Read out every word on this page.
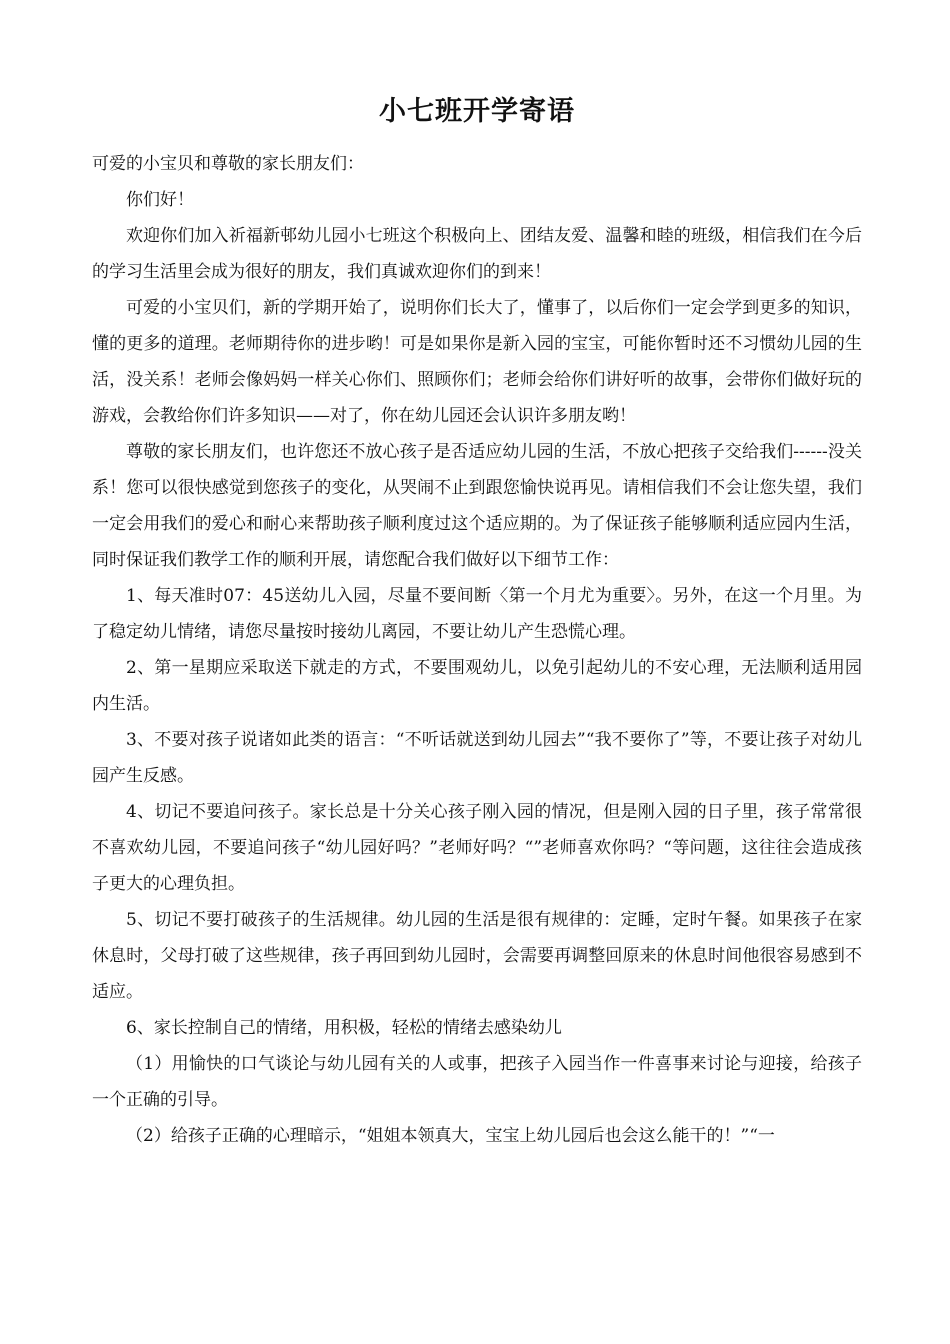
小七班开学寄语

可爱的小宝贝和尊敬的家长朋友们：

你们好！

欢迎你们加入祈福新邨幼儿园小七班这个积极向上、团结友爱、温馨和睦的班级，相信我们在今后的学习生活里会成为很好的朋友，我们真诚欢迎你们的到来！

可爱的小宝贝们，新的学期开始了，说明你们长大了，懂事了，以后你们一定会学到更多的知识，懂的更多的道理。老师期待你的进步哟！可是如果你是新入园的宝宝，可能你暂时还不习惯幼儿园的生活，没关系！老师会像妈妈一样关心你们、照顾你们；老师会给你们讲好听的故事，会带你们做好玩的游戏，会教给你们许多知识——对了，你在幼儿园还会认识许多朋友哟！

尊敬的家长朋友们，也许您还不放心孩子是否适应幼儿园的生活，不放心把孩子交给我们------没关系！您可以很快感觉到您孩子的变化，从哭闹不止到跟您愉快说再见。请相信我们不会让您失望，我们一定会用我们的爱心和耐心来帮助孩子顺利度过这个适应期的。为了保证孩子能够顺利适应园内生活，同时保证我们教学工作的顺利开展，请您配合我们做好以下细节工作：

1、每天准时07：45送幼儿入园，尽量不要间断〈第一个月尤为重要〉。另外，在这一个月里。为了稳定幼儿情绪，请您尽量按时接幼儿离园，不要让幼儿产生恐慌心理。

2、第一星期应采取送下就走的方式，不要围观幼儿，以免引起幼儿的不安心理，无法顺利适用园内生活。

3、不要对孩子说诸如此类的语言：“不听话就送到幼儿园去”“我不要你了”等，不要让孩子对幼儿园产生反感。

4、切记不要追问孩子。家长总是十分关心孩子刚入园的情况，但是刚入园的日子里，孩子常常很不喜欢幼儿园，不要追问孩子“幼儿园好吗？”老师好吗？“”老师喜欢你吗？“等问题，这往往会造成孩子更大的心理负担。

5、切记不要打破孩子的生活规律。幼儿园的生活是很有规律的：定睡，定时午餐。如果孩子在家休息时，父母打破了这些规律，孩子再回到幼儿园时，会需要再调整回原来的休息时间他很容易感到不适应。

6、家长控制自己的情绪，用积极，轻松的情绪去感染幼儿

（1）用愉快的口气谈论与幼儿园有关的人或事，把孩子入园当作一件喜事来讨论与迎接，给孩子一个正确的引导。

（2）给孩子正确的心理暗示，“姐姐本领真大，宝宝上幼儿园后也会这么能干的！”“一
